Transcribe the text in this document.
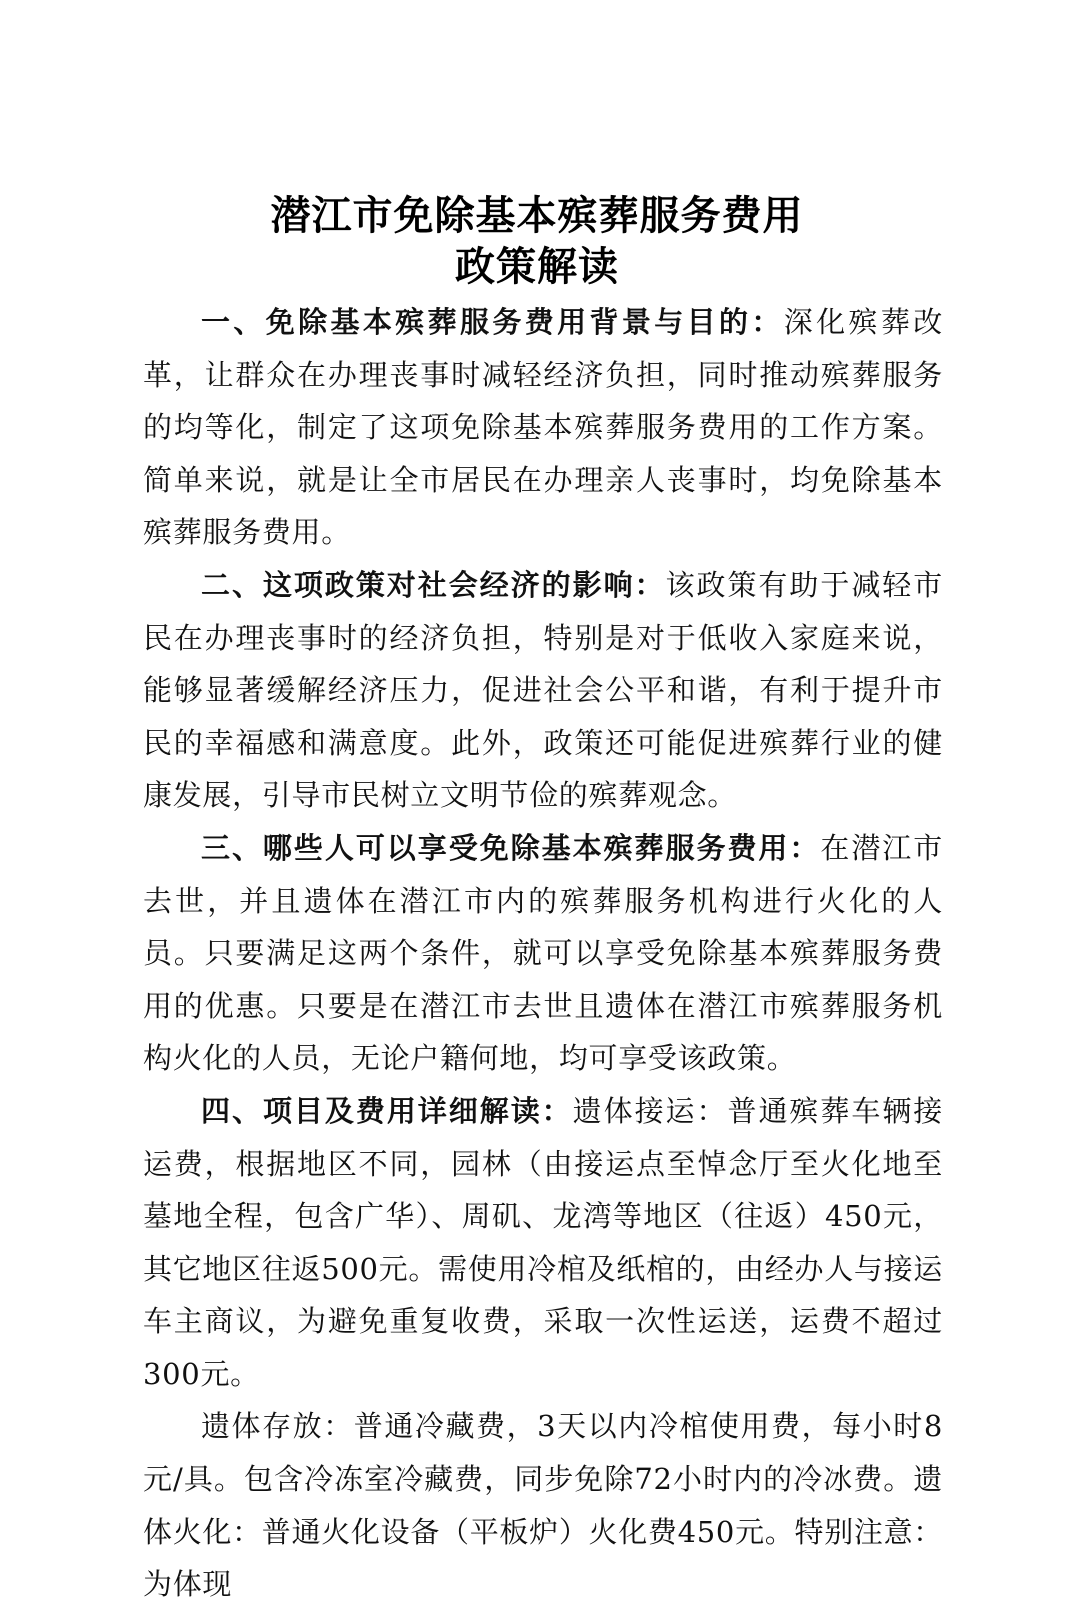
潜江市免除基本殡葬服务费用
政策解读

一、免除基本殡葬服务费用背景与目的：深化殡葬改革，让群众在办理丧事时减轻经济负担，同时推动殡葬服务的均等化，制定了这项免除基本殡葬服务费用的工作方案。简单来说，就是让全市居民在办理亲人丧事时，均免除基本殡葬服务费用。

二、这项政策对社会经济的影响：该政策有助于减轻市民在办理丧事时的经济负担，特别是对于低收入家庭来说，能够显著缓解经济压力，促进社会公平和谐，有利于提升市民的幸福感和满意度。此外，政策还可能促进殡葬行业的健康发展，引导市民树立文明节俭的殡葬观念。

三、哪些人可以享受免除基本殡葬服务费用：在潜江市去世，并且遗体在潜江市内的殡葬服务机构进行火化的人员。只要满足这两个条件，就可以享受免除基本殡葬服务费用的优惠。只要是在潜江市去世且遗体在潜江市殡葬服务机构火化的人员，无论户籍何地，均可享受该政策。

四、项目及费用详细解读：遗体接运：普通殡葬车辆接运费，根据地区不同，园林（由接运点至悼念厅至火化地至墓地全程，包含广华）、周矶、龙湾等地区（往返）450元，其它地区往返500元。需使用冷棺及纸棺的，由经办人与接运车主商议，为避免重复收费，采取一次性运送，运费不超过300元。

遗体存放：普通冷藏费，3天以内冷棺使用费，每小时8元/具。包含冷冻室冷藏费，同步免除72小时内的冷冰费。遗体火化：普通火化设备（平板炉）火化费450元。特别注意：为体现
